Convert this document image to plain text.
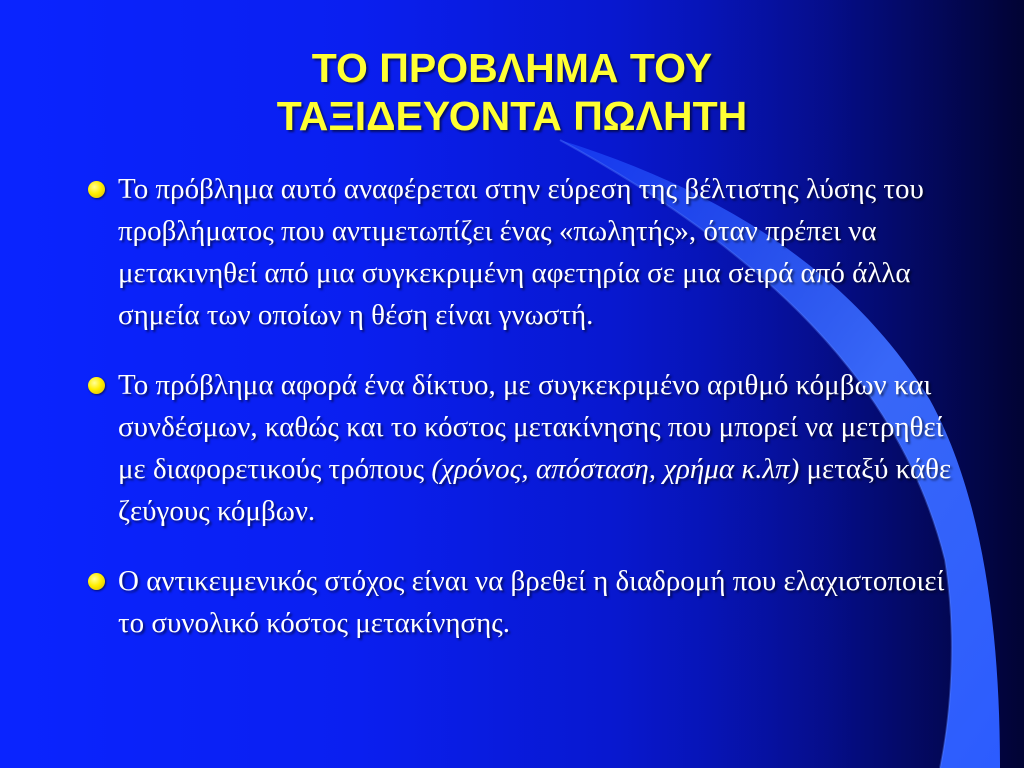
ΤΟ ΠΡΟΒΛΗΜΑ ΤΟΥ
ΤΑΞΙΔΕΥΟΝΤΑ ΠΩΛΗΤΗ
Το πρόβλημα αυτό αναφέρεται στην εύρεση της βέλτιστης λύσης του προβλήματος που αντιμετωπίζει ένας «πωλητής», όταν πρέπει να μετακινηθεί από μια συγκεκριμένη αφετηρία σε μια σειρά από άλλα σημεία των οποίων η θέση είναι γνωστή.
Το πρόβλημα αφορά ένα δίκτυο, με συγκεκριμένο αριθμό κόμβων και συνδέσμων, καθώς και το κόστος μετακίνησης που μπορεί να μετρηθεί με διαφορετικούς τρόπους (χρόνος, απόσταση, χρήμα κ.λπ) μεταξύ κάθε ζεύγους κόμβων.
Ο αντικειμενικός στόχος είναι να βρεθεί η διαδρομή που ελαχιστοποιεί το συνολικό κόστος μετακίνησης.
